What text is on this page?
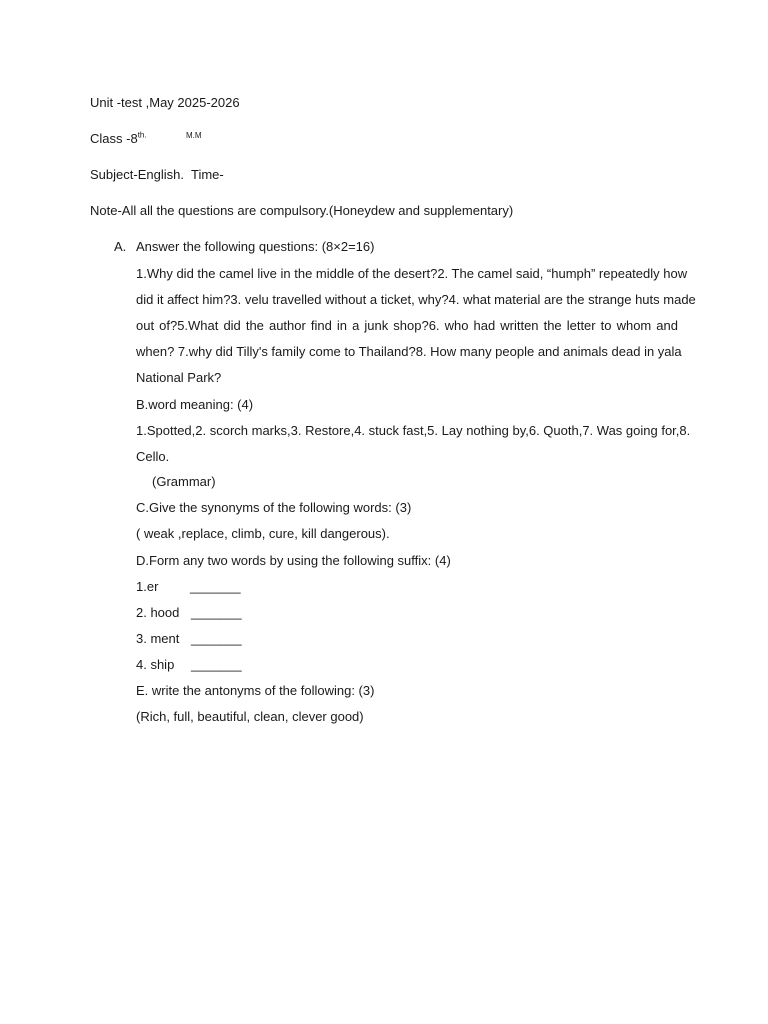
Unit -test ,May 2025-2026
Class $-8^{th.}$	M.M
Subject-English. Time-
Note-All all the questions are compulsory.(Honeydew and supplementary)
A. Answer the following questions: (8×2=16)
1.Why did the camel live in the middle of the desert?2. The camel said, “humph” repeatedly how
did it affect him?3. velu travelled without a ticket, why?4. what material are the strange huts made
out of?5.What did the author find in a junk shop?6. who had written the letter to whom and
when? 7.why did Tilly's family come to Thailand?8. How many people and animals dead in yala
National Park?
B.word meaning: (4)
1.Spotted,2. scorch marks,3. Restore,4. stuck fast,5. Lay nothing by,6. Quoth,7. Was going for,8.
Cello.
(Grammar)
C.Give the synonyms of the following words: (3)
( weak ,replace, climb, cure, kill dangerous).
D.Form any two words by using the following suffix: (4)
1.er _______
2. hood _______
3. ment _______
4. ship _______
E. write the antonyms of the following: (3)
(Rich, full, beautiful, clean, clever good)
